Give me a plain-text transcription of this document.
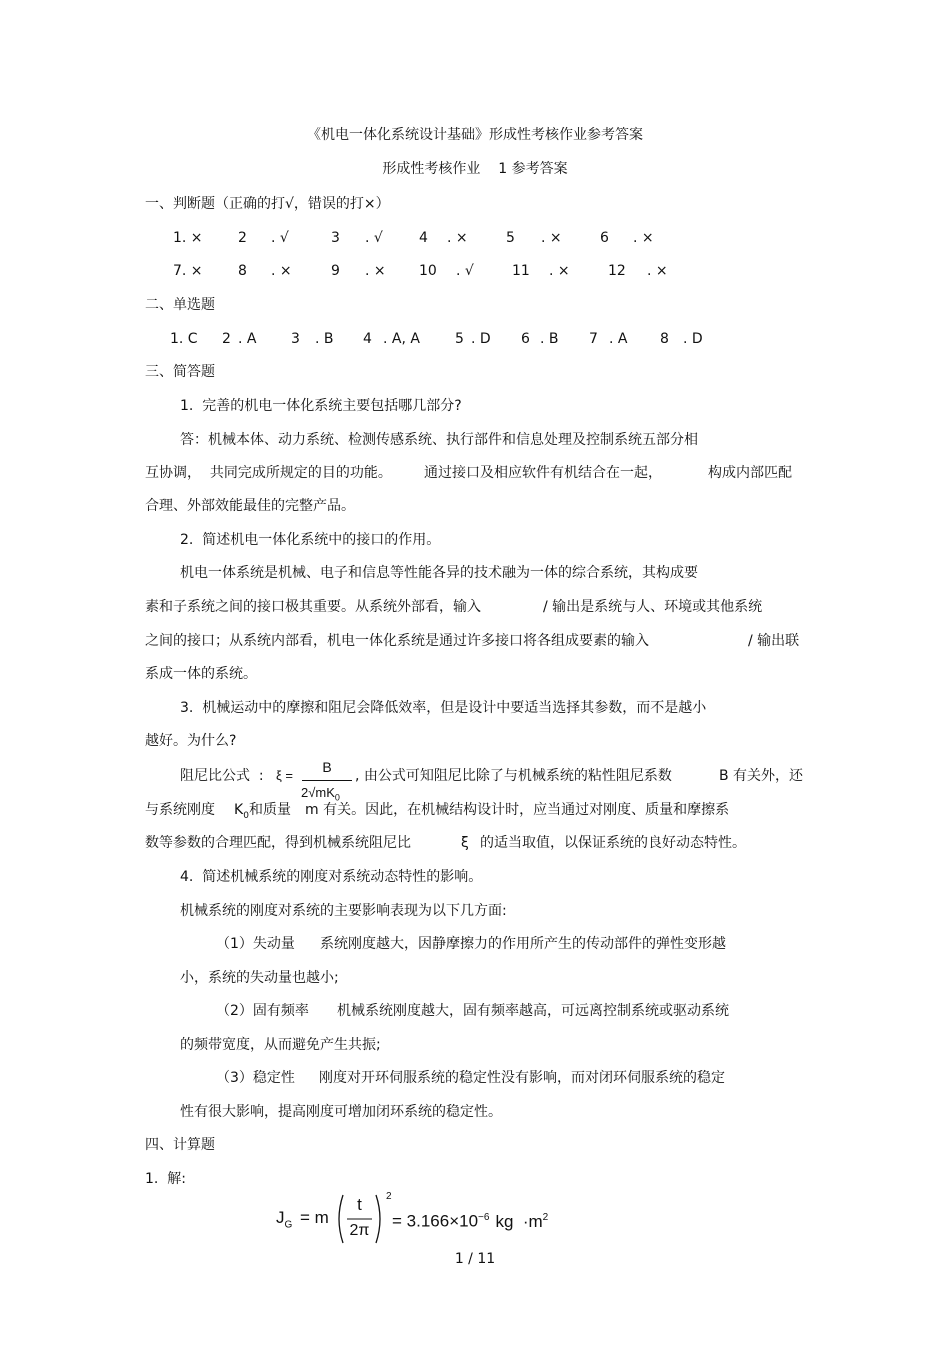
《机电一体化系统设计基础》形成性考核作业参考答案
形成性考核作业    1 参考答案
一、判断题（正确的打√，错误的打×）
1. ×	2 . √	3 . √	4 . ×	5 . ×	6 . ×
7. ×	8 . ×	9 . × 10 . √	11 . ×	12 . ×
二、单选题
1. C 2 . A 3 . B 4 . A, A	5 . D 6 . B 7 . A 8 . D
三、简答题
1.  完善的机电一体化系统主要包括哪几部分?
答：机械本体、动力系统、检测传感系统、执行部件和信息处理及控制系统五部分相
互协调，  共同完成所规定的目的功能。 通过接口及相应软件有机结合在一起，	构成内部匹配
合理、外部效能最佳的完整产品。
2.  简述机电一体化系统中的接口的作用。
机电一体系统是机械、电子和信息等性能各异的技术融为一体的综合系统，其构成要
素和子系统之间的接口极其重要。从系统外部看，输入	/ 输出是系统与人、环境或其他系统
之间的接口；从系统内部看，机电一体化系统是通过许多接口将各组成要素的输入	/ 输出联
系成一体的系统。
3.  机械运动中的摩擦和阻尼会降低效率，但是设计中要适当选择其参数，而不是越小
越好。为什么?
阻尼比公式  : ξ =
B
$2√mK_0$
, 由公式可知阻尼比除了与机械系统的粘性阻尼系数	B 有关外，还
与系统刚度 $K_0$ 和质量 m 有关。因此，在机械结构设计时，应当通过对刚度、质量和摩擦系
数等参数的合理匹配，得到机械系统阻尼比	ξ 的适当取值，以保证系统的良好动态特性。
4.  简述机械系统的刚度对系统动态特性的影响。
机械系统的刚度对系统的主要影响表现为以下几方面:
（1）失动量 系统刚度越大，因静摩擦力的作用所产生的传动部件的弹性变形越
小，系统的失动量也越小;
（2）固有频率 机械系统刚度越大，固有频率越高，可远离控制系统或驱动系统
的频带宽度，从而避免产生共振;
（3）稳定性 刚度对开环伺服系统的稳定性没有影响，而对闭环伺服系统的稳定
性有很大影响，提高刚度可增加闭环系统的稳定性。
四、计算题
1.  解:
$J_G = m$
t
2π
2
= $3.166\times 10^{-6}$ kg  $\cdot m^2$
1 / 11
